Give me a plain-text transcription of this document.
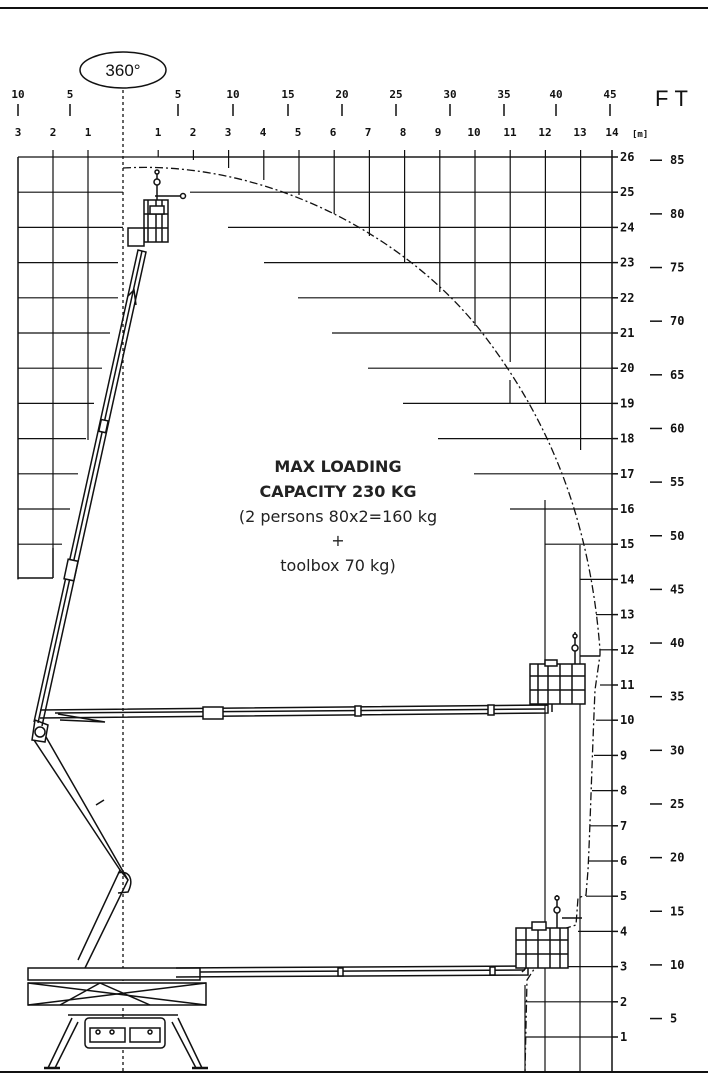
360°
FT
[m]
10	5	5	10	15	20	25	30	35	40	45
3	2	1	1	2	3	4	5	6	7	8	9 10 11 12 13 14
1
2
3
4
5
6
7
8
9
10
11
12
13
14
15
16
17
18
19
20
21
22
23
24
25
26
5
10
15
20
25
30
35
40
45
50
55
60
65
70
75
80
85
MAX LOADING
CAPACITY 230 KG
(2 persons 80x2=160 kg
+
toolbox 70 kg)
